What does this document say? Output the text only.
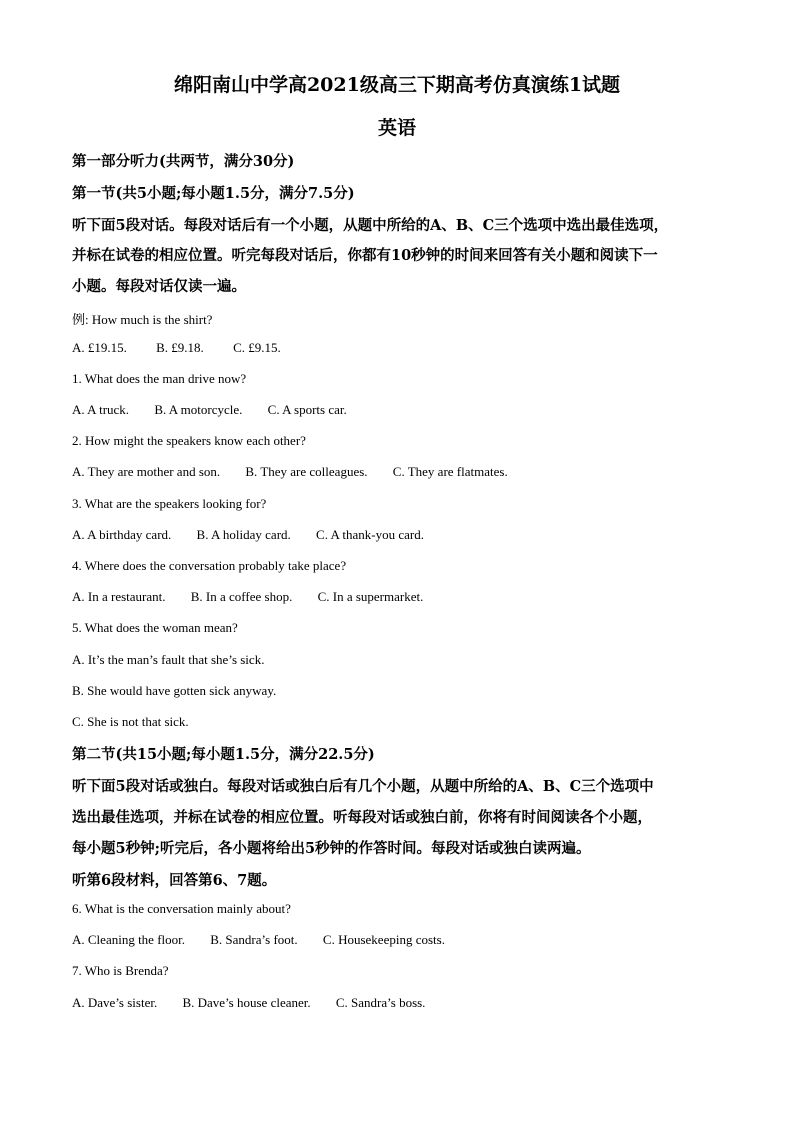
绵阳南山中学高2021级高三下期高考仿真演练1试题
英语
第一部分听力(共两节，满分30分)
第一节(共5小题;每小题1.5分，满分7.5分)
听下面5段对话。每段对话后有一个小题，从题中所给的A、B、C三个选项中选出最佳选项，
并标在试卷的相应位置。听完每段对话后，你都有10秒钟的时间来回答有关小题和阅读下一
小题。每段对话仅读一遍。
例: How much is the shirt?
A. £19.15. B. £9.18. C. £9.15.
1. What does the man drive now?
A. A truck. B. A motorcycle. C. A sports car.
2. How might the speakers know each other?
A. They are mother and son. B. They are colleagues. C. They are flatmates.
3. What are the speakers looking for?
A. A birthday card. B. A holiday card. C. A thank-you card.
4. Where does the conversation probably take place?
A. In a restaurant. B. In a coffee shop. C. In a supermarket.
5. What does the woman mean?
A. It’s the man’s fault that she’s sick.
B. She would have gotten sick anyway.
C. She is not that sick.
第二节(共15小题;每小题1.5分，满分22.5分)
听下面5段对话或独白。每段对话或独白后有几个小题，从题中所给的A、B、C三个选项中
选出最佳选项，并标在试卷的相应位置。听每段对话或独白前，你将有时间阅读各个小题，
每小题5秒钟;听完后，各小题将给出5秒钟的作答时间。每段对话或独白读两遍。
听第6段材料，回答第6、7题。
6. What is the conversation mainly about?
A. Cleaning the floor. B. Sandra’s foot. C. Housekeeping costs.
7. Who is Brenda?
A. Dave’s sister. B. Dave’s house cleaner. C. Sandra’s boss.
